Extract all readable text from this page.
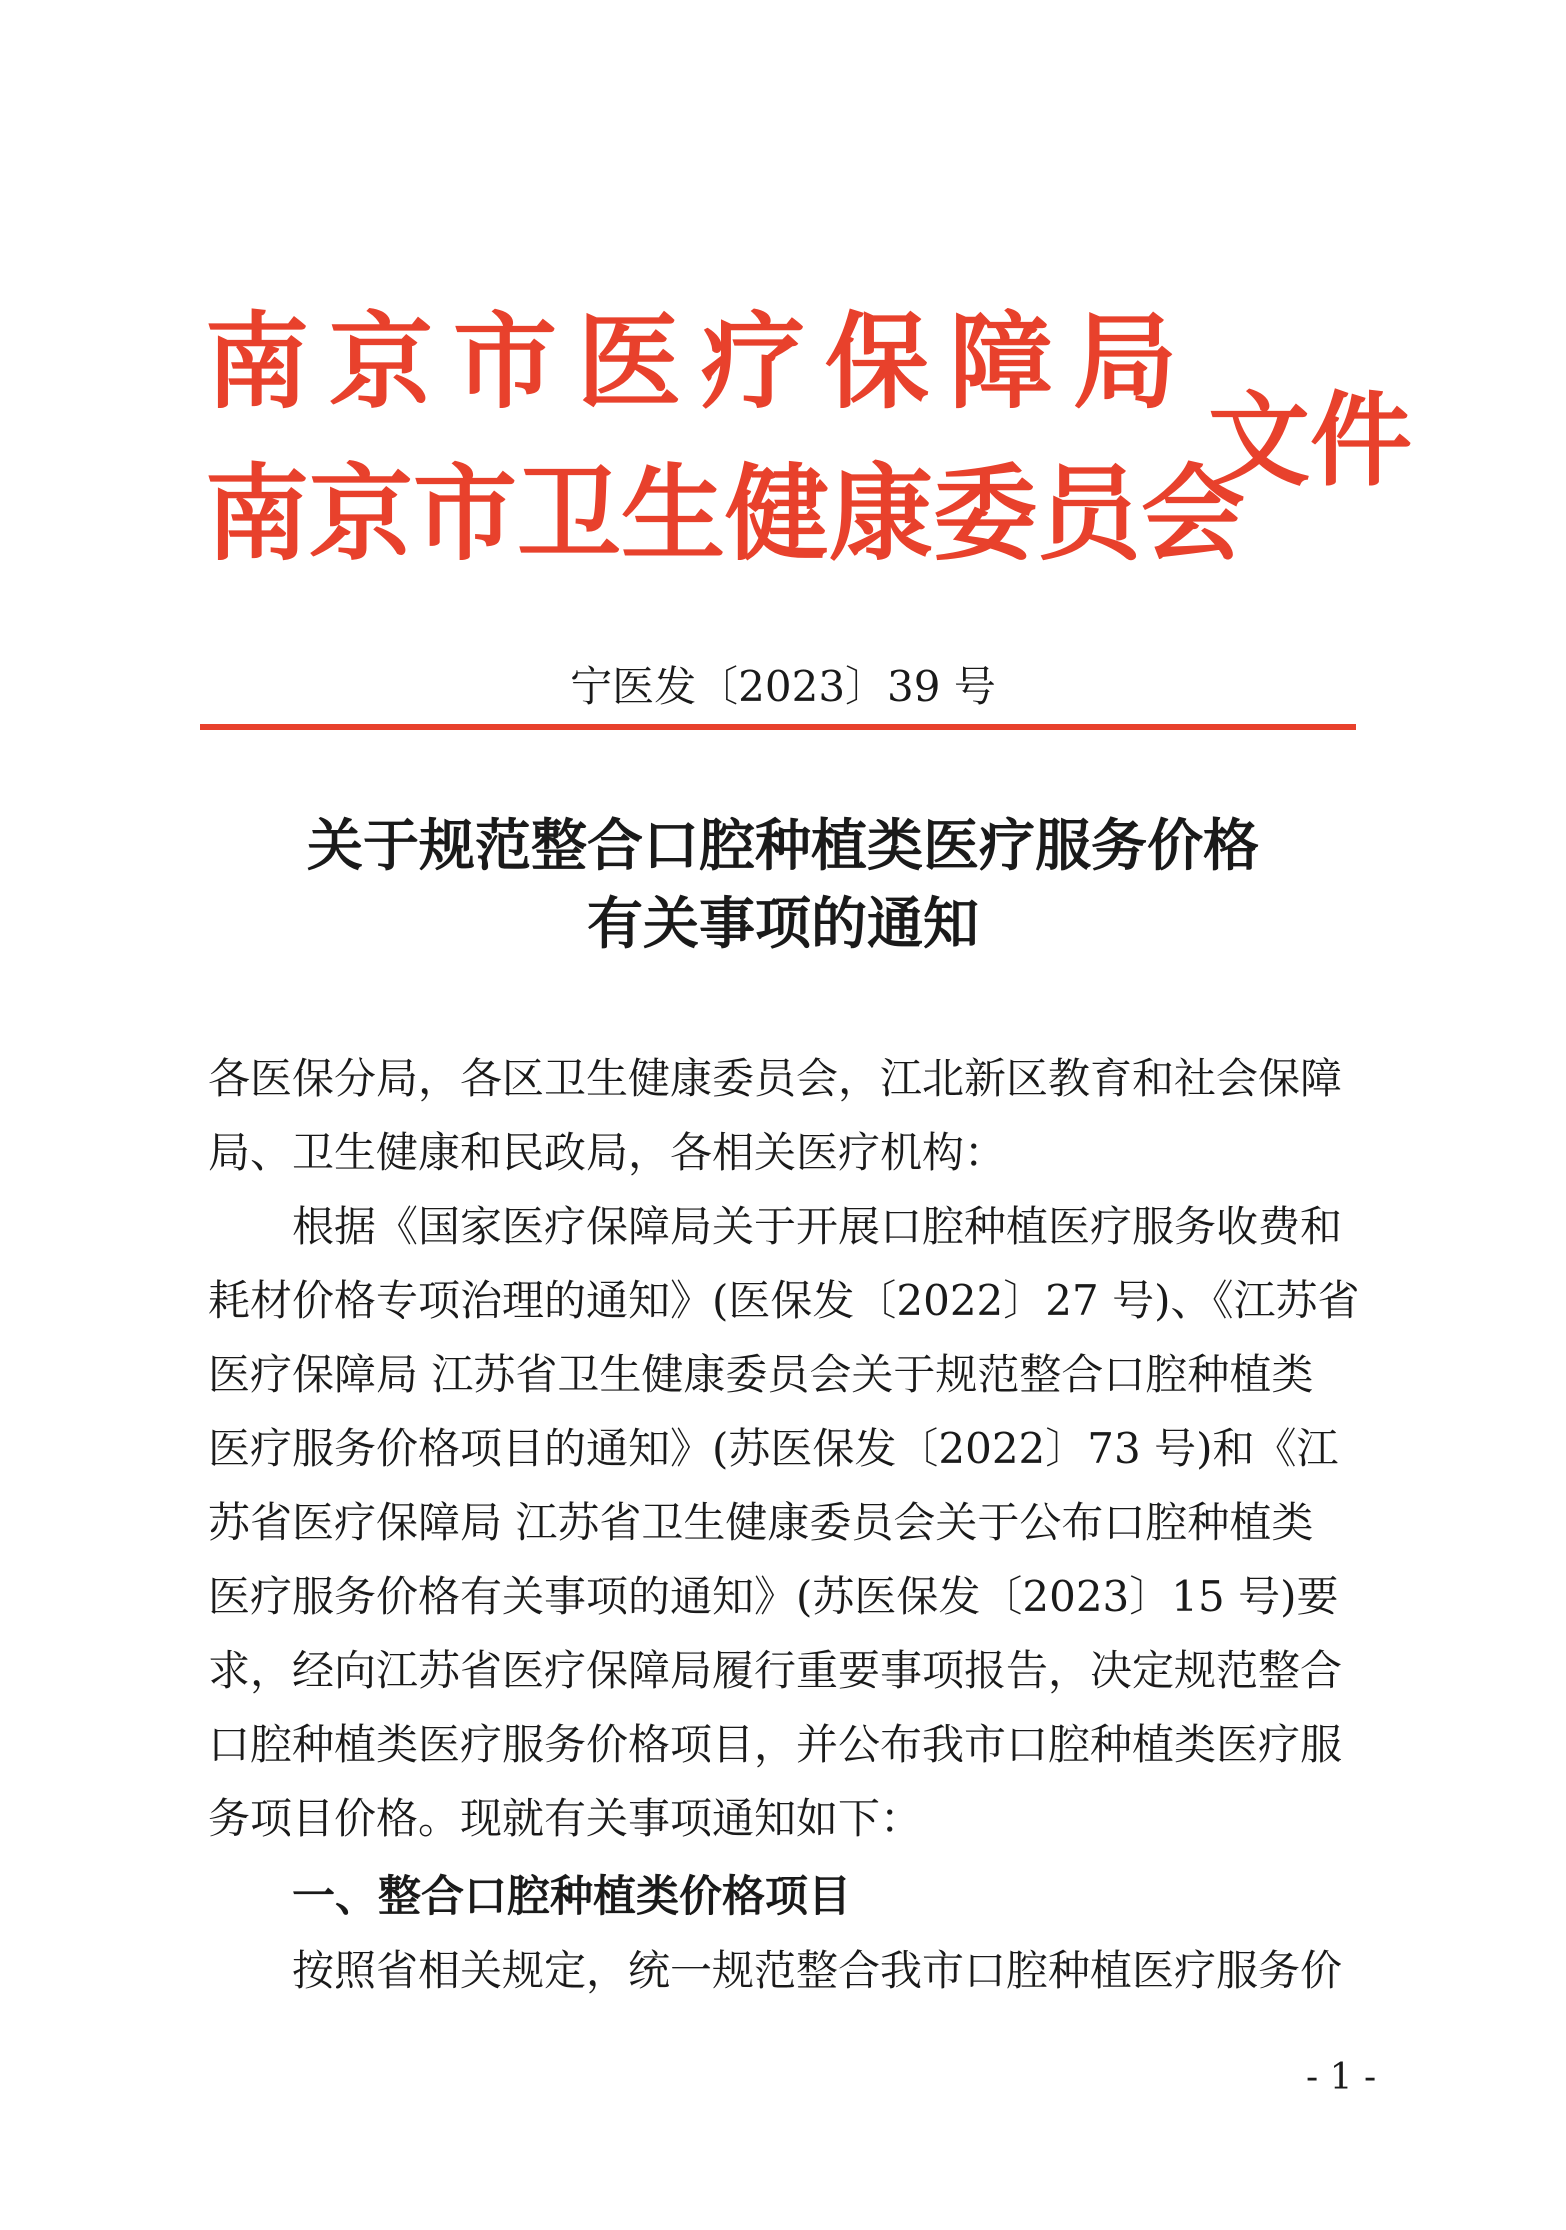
南京市医疗保障局
南京市卫生健康委员会
文件
宁医发〔2023〕39 号
关于规范整合口腔种植类医疗服务价格
有关事项的通知
各医保分局，各区卫生健康委员会，江北新区教育和社会保障
局、卫生健康和民政局，各相关医疗机构：
根据《国家医疗保障局关于开展口腔种植医疗服务收费和
耗材价格专项治理的通知》(医保发〔2022〕27 号)、《江苏省
医疗保障局 江苏省卫生健康委员会关于规范整合口腔种植类
医疗服务价格项目的通知》(苏医保发〔2022〕73 号)和《江
苏省医疗保障局 江苏省卫生健康委员会关于公布口腔种植类
医疗服务价格有关事项的通知》(苏医保发〔2023〕15 号)要
求，经向江苏省医疗保障局履行重要事项报告，决定规范整合
口腔种植类医疗服务价格项目，并公布我市口腔种植类医疗服
务项目价格。现就有关事项通知如下：
一、整合口腔种植类价格项目
按照省相关规定，统一规范整合我市口腔种植医疗服务价
- 1 -
